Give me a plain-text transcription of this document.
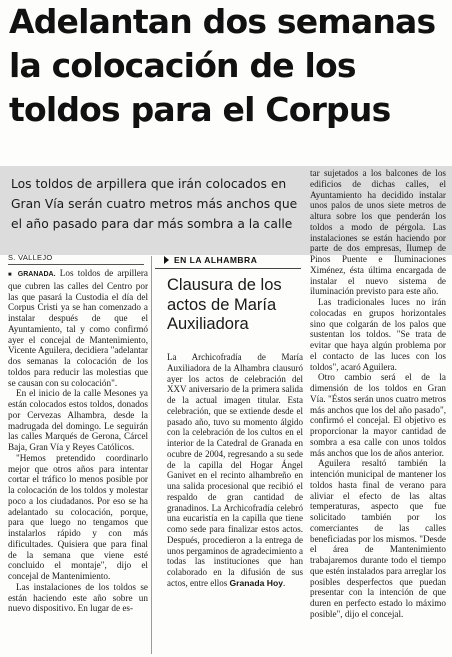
Adelantan dos semanas
la colocación de los
toldos para el Corpus

Los toldos de arpillera que irán colocados en
Gran Vía serán cuatro metros más anchos que
el año pasado para dar más sombra a la calle

S. VALLEJO

■ GRANADA. Los toldos de arpillera que cubren las calles del Centro por las que pasará la Custodia el día del Corpus Cristi ya se han comenzado a instalar después de que el Ayuntamiento, tal y como confirmó ayer el concejal de Mantenimiento, Vicente Aguilera, decidiera "adelantar dos semanas la colocación de los toldos para reducir las molestias que se causan con su colocación".

En el inicio de la calle Mesones ya están colocados estos toldos, donados por Cervezas Alhambra, desde la madrugada del domingo. Le seguirán las calles Marqués de Gerona, Cárcel Baja, Gran Vía y Reyes Católicos.

"Hemos pretendido coordinarlo mejor que otros años para intentar cortar el tráfico lo menos posible por la colocación de los toldos y molestar poco a los ciudadanos. Por eso se ha adelantado su colocación, porque, para que luego no tengamos que instalarlos rápido y con más dificultades. Quisiera que para final de la semana que viene esté concluido el montaje", dijo el concejal de Mantenimiento.

Las instalaciones de los toldos se están haciendo este año sobre un nuevo dispositivo. En lugar de es-

EN LA ALHAMBRA
Clausura de los
actos de María
Auxiliadora

La Archicofradía de María Auxiliadora de la Alhambra clausuró ayer los actos de celebración del XXV aniversario de la primera salida de la actual imagen titular. Esta celebración, que se extiende desde el pasado año, tuvo su momento álgido con la celebración de los cultos en el interior de la Catedral de Granada en ocubre de 2004, regresando a su sede de la capilla del Hogar Ángel Ganivet en el recinto alhambreño en una salida procesional que recibió el respaldo de gran cantidad de granadinos. La Archicofradía celebró una eucaristía en la capilla que tiene como sede para finalizar estos actos. Después, procedieron a la entrega de unos pergaminos de agradecimiento a todas las instituciones que han colaborado en la difusión de sus actos, entre ellos Granada Hoy.

tar sujetados a los balcones de los edificios de dichas calles, el Ayuntamiento ha decidido instalar unos palos de unos siete metros de altura sobre los que penderán los toldos a modo de pérgola. Las instalaciones se están haciendo por parte de dos empresas, Ilumep de Pinos Puente e Iluminaciones Ximénez, ésta última encargada de instalar el nuevo sistema de iluminación previsto para este año.

Las tradicionales luces no irán colocadas en grupos horizontales sino que colgarán de los palos que sustentan los toldos. "Se trata de evitar que haya algún problema por el contacto de las luces con los toldos", acaró Aguilera.

Otro cambio será el de la dimensión de los toldos en Gran Vía. "Éstos serán unos cuatro metros más anchos que los del año pasado", confirmó el concejal. El objetivo es proporcionar la mayor cantidad de sombra a esa calle con unos toldos más anchos que los de años anterior.

Aguilera resaltó también la intención municipal de mantener los toldos hasta final de verano para aliviar el efecto de las altas temperaturas, aspecto que fue solicitado también por los comerciantes de las calles beneficiadas por los mismos. "Desde el área de Mantenimiento trabajaremos durante todo el tiempo que estén instalados para arreglar los posibles desperfectos que puedan presentar con la intención de que duren en perfecto estado lo máximo posible", dijo el concejal.
